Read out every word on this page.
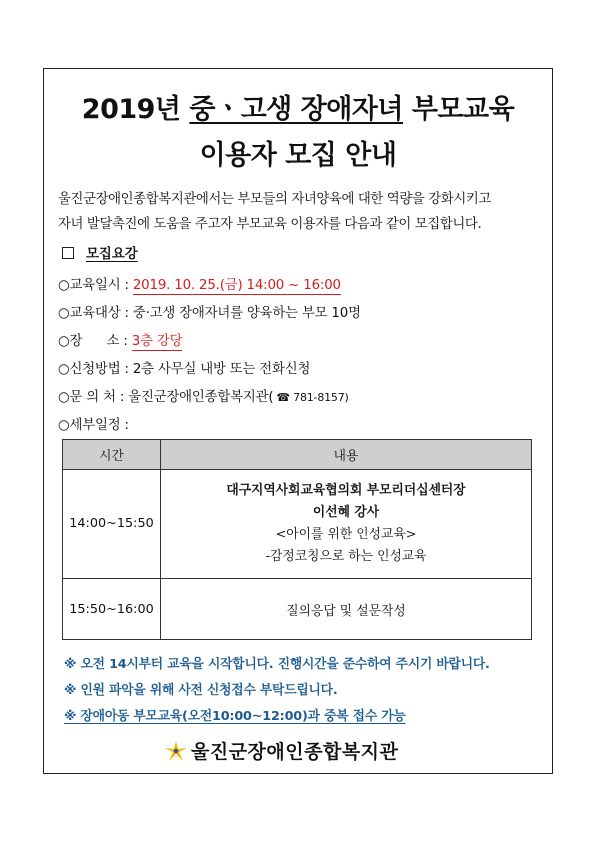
2019년 중ㆍ고생 장애자녀 부모교육
이용자 모집 안내
울진군장애인종합복지관에서는 부모들의 자녀양육에 대한 역량을 강화시키고
자녀 발달촉진에 도움을 주고자 부모교육 이용자를 다음과 같이 모집합니다.
모집요강
○교육일시 : 2019. 10. 25.(금) 14:00 ~ 16:00
○교육대상 : 중·고생 장애자녀를 양육하는 부모 10명
○장      소 : 3층 강당
○신청방법 : 2층 사무실 내방 또는 전화신청
○문 의 처 : 울진군장애인종합복지관( ☎ 781-8157)
○세부일정 :
시간	내용
14:00~15:50	대구지역사회교육협의회 부모리더십센터장
이선혜 강사
<아이를 위한 인성교육>
-감정코칭으로 하는 인성교육

15:50~16:00	질의응답 및 설문작성
※ 오전 14시부터 교육을 시작합니다. 진행시간을 준수하여 주시기 바랍니다.
※ 인원 파악을 위해 사전 신청접수 부탁드립니다.
※ 장애아동 부모교육(오전10:00~12:00)과 중복 접수 가능
울진군장애인종합복지관
